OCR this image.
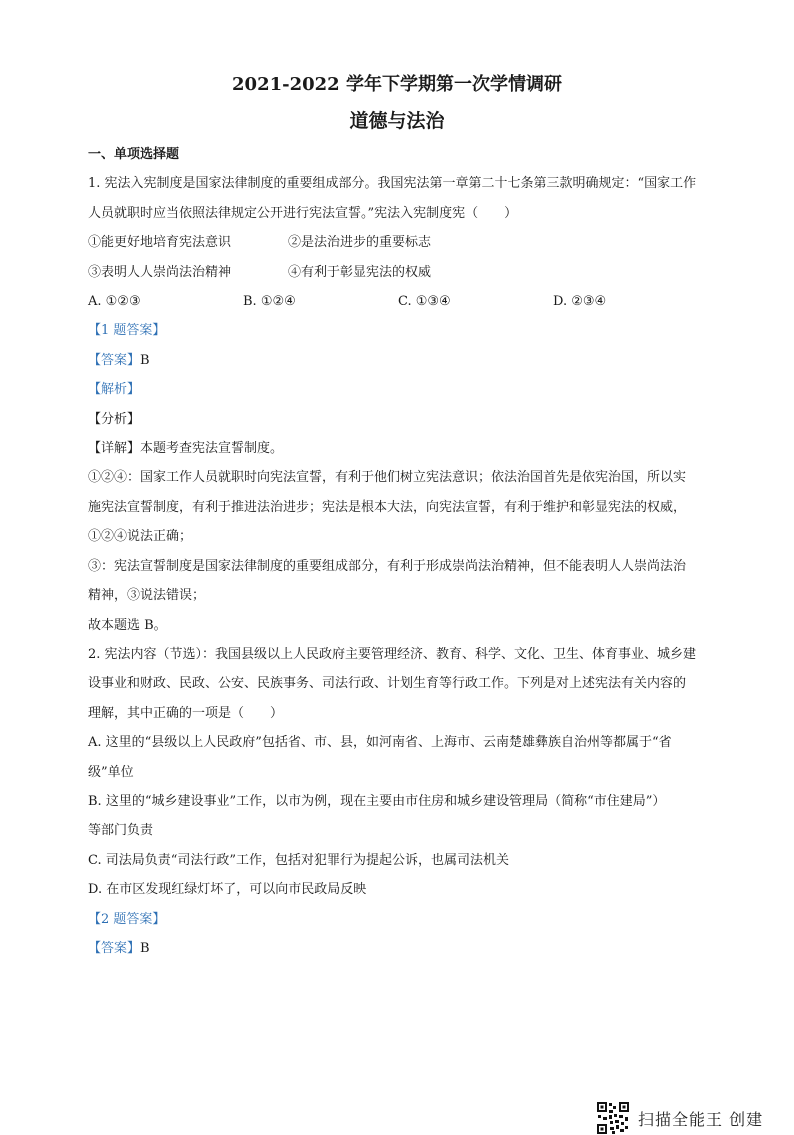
2021-2022 学年下学期第一次学情调研
道德与法治
一、单项选择题
1. 宪法入宪制度是国家法律制度的重要组成部分。我国宪法第一章第二十七条第三款明确规定：“国家工作
人员就职时应当依照法律规定公开进行宪法宣誓。”宪法入宪制度宪（　　）
①能更好地培育宪法意识	②是法治进步的重要标志
③表明人人崇尚法治精神	④有利于彰显宪法的权威
A. ①②③	B. ①②④	C. ①③④	D. ②③④
【1 题答案】
【答案】B
【解析】
【分析】
【详解】本题考查宪法宣誓制度。
①②④：国家工作人员就职时向宪法宣誓，有利于他们树立宪法意识；依法治国首先是依宪治国，所以实
施宪法宣誓制度，有利于推进法治进步；宪法是根本大法，向宪法宣誓，有利于维护和彰显宪法的权威，
①②④说法正确；
③：宪法宣誓制度是国家法律制度的重要组成部分，有利于形成崇尚法治精神，但不能表明人人崇尚法治
精神，③说法错误；
故本题选 B。
2. 宪法内容（节选）：我国县级以上人民政府主要管理经济、教育、科学、文化、卫生、体育事业、城乡建
设事业和财政、民政、公安、民族事务、司法行政、计划生育等行政工作。下列是对上述宪法有关内容的
理解，其中正确的一项是（　　）
A. 这里的“县级以上人民政府”包括省、市、县，如河南省、上海市、云南楚雄彝族自治州等都属于“省
级”单位
B. 这里的“城乡建设事业”工作，以市为例，现在主要由市住房和城乡建设管理局（简称“市住建局”）
等部门负责
C. 司法局负责“司法行政”工作，包括对犯罪行为提起公诉，也属司法机关
D. 在市区发现红绿灯坏了，可以向市民政局反映
【2 题答案】
【答案】B
扫描全能王 创建
